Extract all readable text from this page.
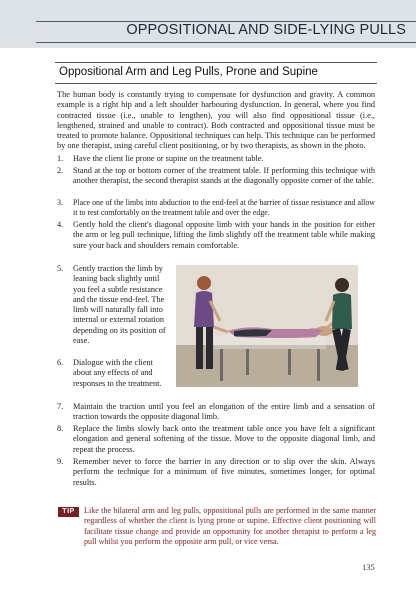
OPPOSITIONAL AND SIDE-LYING PULLS
Oppositional Arm and Leg Pulls, Prone and Supine

The human body is constantly trying to compensate for dysfunction and gravity. A common example is a right hip and a left shoulder harbouring dysfunction. In general, where you find contracted tissue (i.e., unable to lengthen), you will also find oppositional tissue (i.e., lengthened, strained and unable to contract). Both contracted and oppositional tissue must be treated to promote balance. Oppositional techniques can help. This technique can be performed by one therapist, using careful client positioning, or by two therapists, as shown in the photo.

1. Have the client lie prone or supine on the treatment table.
2. Stand at the top or bottom corner of the treatment table. If performing this technique with another therapist, the second therapist stands at the diagonally opposite corner of the table.
3. Place one of the limbs into abduction to the end-feel at the barrier of tissue resistance and allow it to rest comfortably on the treatment table and over the edge.
4. Gently hold the client's diagonal opposite limb with your hands in the position for either the arm or leg pull technique, lifting the limb slightly off the treatment table while making sure your back and shoulders remain comfortable.
5. Gently traction the limb by leaning back slightly until you feel a subtle resistance and the tissue end-feel. The limb will naturally fall into internal or external rotation depending on its position of ease.
6. Dialogue with the client about any effects of and responses to the treatment.
7. Maintain the traction until you feel an elongation of the entire limb and a sensation of traction towards the opposite diagonal limb.
8. Replace the limbs slowly back onto the treatment table once you have felt a significant elongation and general softening of the tissue. Move to the opposite diagonal limb, and repeat the process.
9. Remember never to force the barrier in any direction or to slip over the skin. Always perform the technique for a minimum of five minutes, sometimes longer, for optimal results.
TIP	Like the bilateral arm and leg pulls, oppositional pulls are performed in the same manner regardless of whether the client is lying prone or supine. Effective client positioning will facilitate tissue change and provide an opportunity for another therapist to perform a leg pull whilst you perform the opposite arm pull, or vice versa.

135
